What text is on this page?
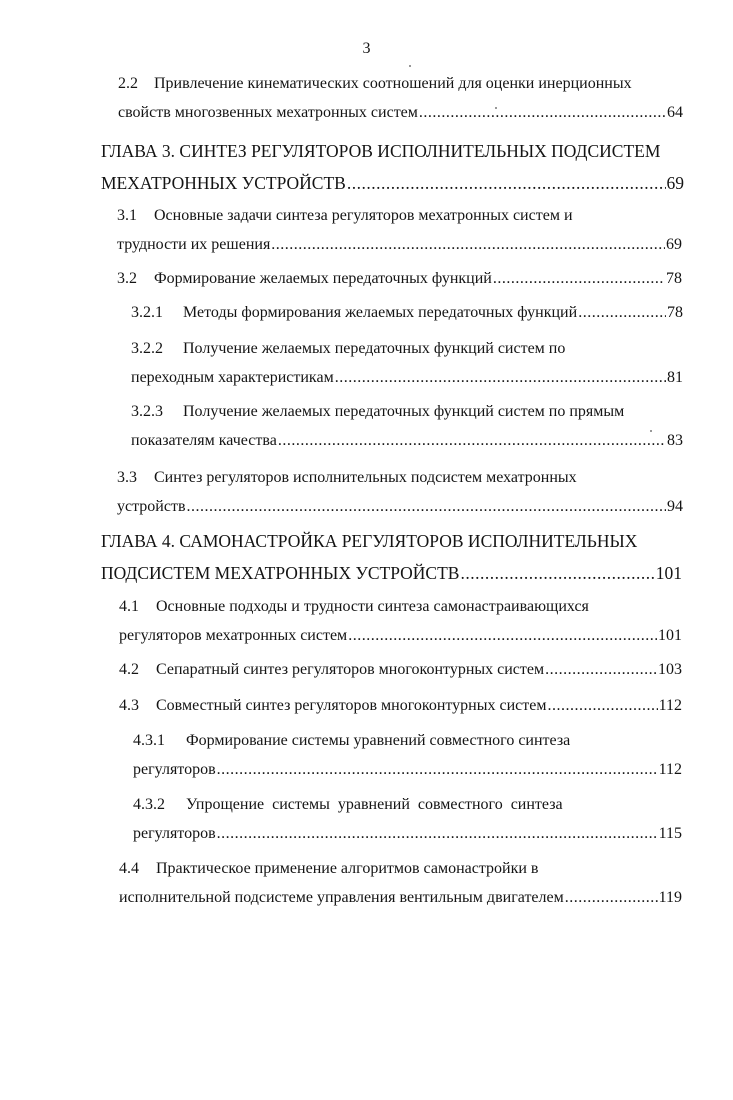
3
2.2 Привлечение кинематических соотношений для оценки инерционных
свойств многозвенных мехатронных систем .....	64
ГЛАВА 3. СИНТЕЗ РЕГУЛЯТОРОВ ИСПОЛНИТЕЛЬНЫХ ПОДСИСТЕМ
МЕХАТРОННЫХ УСТРОЙСТВ .....	69
3.1 Основные задачи синтеза регуляторов мехатронных систем и
трудности их решения .....	69
3.2 Формирование желаемых передаточных функций .....	78
3.2.1 Методы формирования желаемых передаточных функций .....	78
3.2.2 Получение желаемых передаточных функций систем по
переходным характеристикам .....	81
3.2.3 Получение желаемых передаточных функций систем по прямым
показателям качества .....	83
3.3 Синтез регуляторов исполнительных подсистем мехатронных
устройств .....	94
ГЛАВА 4. САМОНАСТРОЙКА РЕГУЛЯТОРОВ ИСПОЛНИТЕЛЬНЫХ
ПОДСИСТЕМ МЕХАТРОННЫХ УСТРОЙСТВ .....	101
4.1 Основные подходы и трудности синтеза самонастраивающихся
регуляторов мехатронных систем .....	101
4.2 Сепаратный синтез регуляторов многоконтурных систем .....	103
4.3 Совместный синтез регуляторов многоконтурных систем .....	112
4.3.1 Формирование системы уравнений совместного синтеза
регуляторов .....	112
4.3.2 Упрощение системы уравнений совместного синтеза
регуляторов .....	115
4.4 Практическое применение алгоритмов самонастройки в
исполнительной подсистеме управления вентильным двигателем .....	119
